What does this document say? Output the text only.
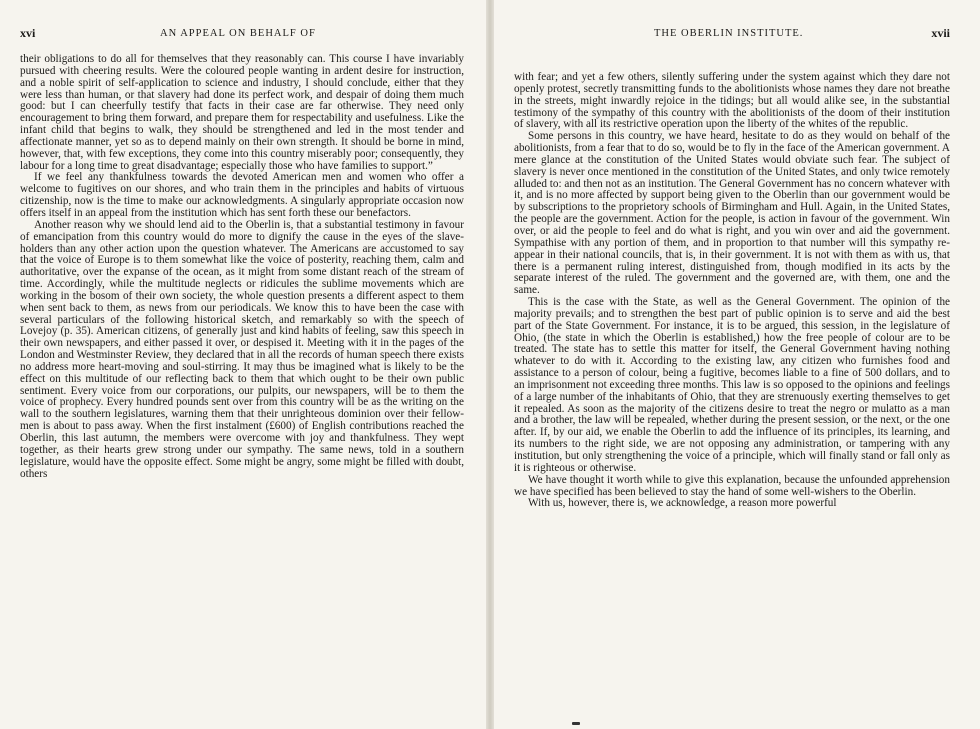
xvi	AN APPEAL ON BEHALF OF

their obligations to do all for themselves that they reasonably can. This course I have invariably pursued with cheering results. Were the coloured people wanting in ardent desire for instruction, and a noble spirit of self-application to science and industry, I should conclude, either that they were less than human, or that slavery had done its perfect work, and despair of doing them much good: but I can cheerfully testify that facts in their case are far otherwise. They need only encouragement to bring them forward, and prepare them for respectability and usefulness. Like the infant child that begins to walk, they should be strengthened and led in the most tender and affectionate manner, yet so as to depend mainly on their own strength. It should be borne in mind, however, that, with few exceptions, they come into this country miserably poor; consequently, they labour for a long time to great disadvantage; especially those who have families to support.”

If we feel any thankfulness towards the devoted American men and women who offer a welcome to fugitives on our shores, and who train them in the principles and habits of virtuous citizenship, now is the time to make our acknowledgments. A singularly appropriate occasion now offers itself in an appeal from the institution which has sent forth these our benefactors.

Another reason why we should lend aid to the Oberlin is, that a substantial testimony in favour of emancipation from this country would do more to dignify the cause in the eyes of the slave-holders than any other action upon the question whatever. The Americans are accustomed to say that the voice of Europe is to them somewhat like the voice of posterity, reaching them, calm and authoritative, over the expanse of the ocean, as it might from some distant reach of the stream of time. Accordingly, while the multitude neglects or ridicules the sublime movements which are working in the bosom of their own society, the whole question presents a different aspect to them when sent back to them, as news from our periodicals. We know this to have been the case with several particulars of the following historical sketch, and remarkably so with the speech of Lovejoy (p. 35). American citizens, of generally just and kind habits of feeling, saw this speech in their own newspapers, and either passed it over, or despised it. Meeting with it in the pages of the London and Westminster Review, they declared that in all the records of human speech there exists no address more heart-moving and soul-stirring. It may thus be imagined what is likely to be the effect on this multitude of our reflecting back to them that which ought to be their own public sentiment. Every voice from our corporations, our pulpits, our newspapers, will be to them the voice of prophecy. Every hundred pounds sent over from this country will be as the writing on the wall to the southern legislatures, warning them that their unrighteous dominion over their fellow-men is about to pass away. When the first instalment (£600) of English contributions reached the Oberlin, this last autumn, the members were overcome with joy and thankfulness. They wept together, as their hearts grew strong under our sympathy. The same news, told in a southern legislature, would have the opposite effect. Some might be angry, some might be filled with doubt, others

THE OBERLIN INSTITUTE.	xvii

with fear; and yet a few others, silently suffering under the system against which they dare not openly protest, secretly transmitting funds to the abolitionists whose names they dare not breathe in the streets, might inwardly rejoice in the tidings; but all would alike see, in the substantial testimony of the sympathy of this country with the abolitionists of the doom of their institution of slavery, with all its restrictive operation upon the liberty of the whites of the republic.

Some persons in this country, we have heard, hesitate to do as they would on behalf of the abolitionists, from a fear that to do so, would be to fly in the face of the American government. A mere glance at the constitution of the United States would obviate such fear. The subject of slavery is never once mentioned in the constitution of the United States, and only twice remotely alluded to: and then not as an institution. The General Government has no concern whatever with it, and is no more affected by support being given to the Oberlin than our government would be by subscriptions to the proprietory schools of Birmingham and Hull. Again, in the United States, the people are the government. Action for the people, is action in favour of the government. Win over, or aid the people to feel and do what is right, and you win over and aid the government. Sympathise with any portion of them, and in proportion to that number will this sympathy re-appear in their national councils, that is, in their government. It is not with them as with us, that there is a permanent ruling interest, distinguished from, though modified in its acts by the separate interest of the ruled. The government and the governed are, with them, one and the same.

This is the case with the State, as well as the General Government. The opinion of the majority prevails; and to strengthen the best part of public opinion is to serve and aid the best part of the State Government. For instance, it is to be argued, this session, in the legislature of Ohio, (the state in which the Oberlin is established,) how the free people of colour are to be treated. The state has to settle this matter for itself, the General Government having nothing whatever to do with it. According to the existing law, any citizen who furnishes food and assistance to a person of colour, being a fugitive, becomes liable to a fine of 500 dollars, and to an imprisonment not exceeding three months. This law is so opposed to the opinions and feelings of a large number of the inhabitants of Ohio, that they are strenuously exerting themselves to get it repealed. As soon as the majority of the citizens desire to treat the negro or mulatto as a man and a brother, the law will be repealed, whether during the present session, or the next, or the one after. If, by our aid, we enable the Oberlin to add the influence of its principles, its learning, and its numbers to the right side, we are not opposing any administration, or tampering with any institution, but only strengthening the voice of a principle, which will finally stand or fall only as it is righteous or otherwise.

We have thought it worth while to give this explanation, because the unfounded apprehension we have specified has been believed to stay the hand of some well-wishers to the Oberlin.

With us, however, there is, we acknowledge, a reason more powerful
